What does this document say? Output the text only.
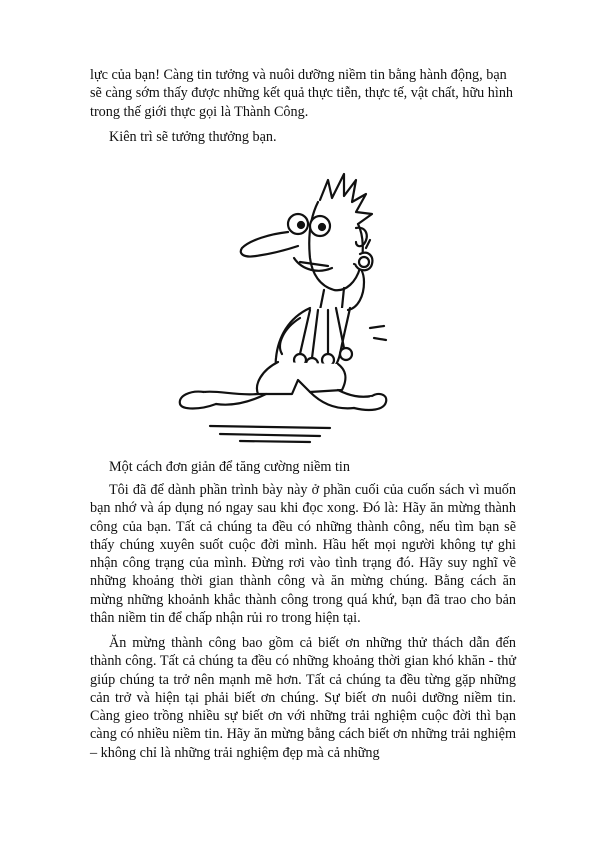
lực của bạn! Càng tin tưởng và nuôi dưỡng niềm tin bằng hành động, bạn sẽ càng sớm thấy được những kết quả thực tiễn, thực tế, vật chất, hữu hình trong thế giới thực gọi là Thành Công.

Kiên trì sẽ tưởng thưởng bạn.
Một cách đơn giản để tăng cường niềm tin

Tôi đã để dành phần trình bày này ở phần cuối của cuốn sách vì muốn bạn nhớ và áp dụng nó ngay sau khi đọc xong. Đó là: Hãy ăn mừng thành công của bạn. Tất cả chúng ta đều có những thành công, nếu tìm bạn sẽ thấy chúng xuyên suốt cuộc đời mình. Hầu hết mọi người không tự ghi nhận công trạng của mình. Đừng rơi vào tình trạng đó. Hãy suy nghĩ về những khoảng thời gian thành công và ăn mừng chúng. Bằng cách ăn mừng những khoảnh khắc thành công trong quá khứ, bạn đã trao cho bản thân niềm tin để chấp nhận rủi ro trong hiện tại.

Ăn mừng thành công bao gồm cả biết ơn những thử thách dẫn đến thành công. Tất cả chúng ta đều có những khoảng thời gian khó khăn - thử giúp chúng ta trở nên mạnh mẽ hơn. Tất cả chúng ta đều từng gặp những cản trở và hiện tại phải biết ơn chúng. Sự biết ơn nuôi dưỡng niềm tin. Càng gieo trồng nhiều sự biết ơn với những trải nghiệm cuộc đời thì bạn càng có nhiều niềm tin. Hãy ăn mừng bằng cách biết ơn những trải nghiệm – không chỉ là những trải nghiệm đẹp mà cả những
